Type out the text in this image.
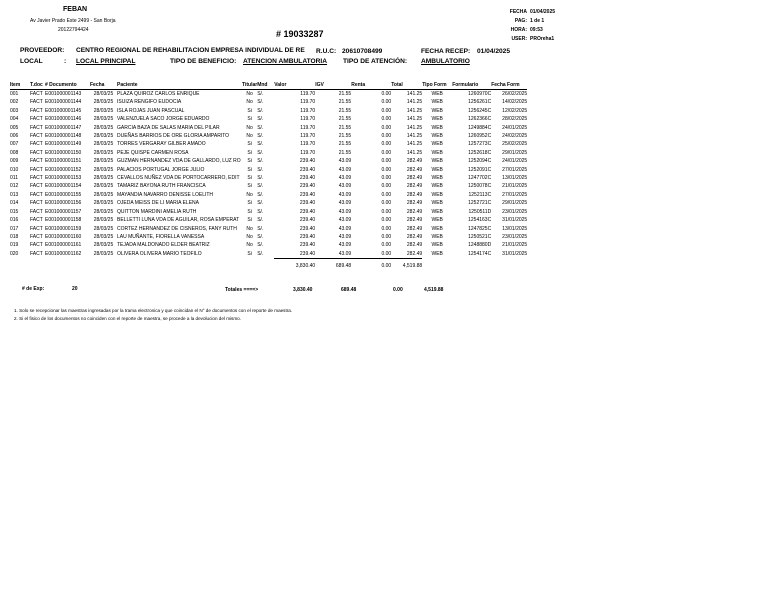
FEBAN
Av Javier Prado Este 2499 - San Borja
20122794424	# 19033287
FECHA 01/04/2025
PAG: 1 de 1
HORA: 09:53
USER: PROreha1
PROVEEDOR: CENTRO REGIONAL DE REHABILITACION EMPRESA INDIVIDUAL DE RE R.U.C: 20610708499	FECHA RECEP: 01/04/2025
LOCAL	: LOCAL PRINCIPAL	TIPO DE BENEFICIO: ATENCION AMBULATORIA TIPO DE ATENCIÓN: AMBULATORIO
Item	T.doc	# Documento	Fecha	Paciente	Titular	Mnd	Valor	IGV	Renta	Total	Tipo Form	Formulario	Fecha Form
001	FACT	E001000001143	28/03/25	PLAZA QUIROZ CARLOS ENRIQUE	No	S/.	119.70	21.55	0.00	141.25	WEB	1260970C	26/02/2025
002	FACT	E001000001144	28/03/25	ISUIZA RENGIFO EUDOCIA	No	S/.	119.70	21.55	0.00	141.25	WEB	1256261C	14/02/2025
003	FACT	E001000001145	28/03/25	ISLA ROJAS JUAN PASCUAL	Si	S/.	119.70	21.55	0.00	141.25	WEB	1256245C	12/02/2025
004	FACT	E001000001146	28/03/25	VALENZUELA SACO JORGE EDUARDO	Si	S/.	119.70	21.55	0.00	141.25	WEB	1262366C	28/02/2025
005	FACT	E001000001147	28/03/25	GARCIA BAZA DE SALAS MARIA DEL PILAR	No	S/.	119.70	21.55	0.00	141.25	WEB	1249884C	24/01/2025
006	FACT	E001000001148	28/03/25	DUEÑAS BARRIOS DE ORE GLORIA AMPARITO	No	S/.	119.70	21.55	0.00	141.25	WEB	1260952C	24/02/2025
007	FACT	E001000001149	28/03/25	TORRES VERGARAY GILBER AMADO	Si	S/.	119.70	21.55	0.00	141.25	WEB	1257273C	25/02/2025
008	FACT	E001000001150	28/03/25	PEJE QUISPE CARMEN ROSA	Si	S/.	119.70	21.55	0.00	141.25	WEB	1252618C	29/01/2025
009	FACT	E001000001151	28/03/25	GUZMAN HERNANDEZ VDA DE GALLARDO, LUZ RO	Si	S/.	239.40	43.09	0.00	282.49	WEB	1252094C	24/01/2025
010	FACT	E001000001152	28/03/25	PALACIOS PORTUGAL JORGE JULIO	Si	S/.	239.40	43.09	0.00	282.49	WEB	1252091C	27/01/2025
011	FACT	E001000001153	28/03/25	CEVALLOS NUÑEZ VDA DE PORTOCARRERO, EDIT	Si	S/.	239.40	43.09	0.00	282.49	WEB	1247702C	13/01/2025
012	FACT	E001000001154	28/03/25	TAMARIZ BAYONA RUTH FRANCISCA	Si	S/.	239.40	43.09	0.00	282.49	WEB	1250078C	21/01/2025
013	FACT	E001000001155	28/03/25	MAYANDIA NAVARRO DENISSE LOELITH	No	S/.	239.40	43.09	0.00	282.49	WEB	1252113C	27/01/2025
014	FACT	E001000001156	28/03/25	OJEDA MEISS DE LI MARIA ELENA	Si	S/.	239.40	43.09	0.00	282.49	WEB	1252721C	29/01/2025
015	FACT	E001000001157	28/03/25	QUITTON MARDINI AMELIA RUTH	Si	S/.	239.40	43.09	0.00	282.49	WEB	1250511D	23/01/2025
016	FACT	E001000001158	28/03/25	BELLETTI LUNA VDA DE AGUILAR, ROSA EMPERAT	Si	S/.	239.40	43.09	0.00	282.49	WEB	1254163C	31/01/2025
017	FACT	E001000001159	28/03/25	CORTEZ HERNANDEZ DE CISNEROS, FANY RUTH	No	S/.	239.40	43.09	0.00	282.49	WEB	1247825C	13/01/2025
018	FACT	E001000001160	28/03/25	LAU MUÑANTE, FIORELLA VANESSA	No	S/.	239.40	43.09	0.00	282.49	WEB	1250521C	23/01/2025
019	FACT	E001000001161	28/03/25	TEJADA MALDONADO ELDER BEATRIZ	No	S/.	239.40	43.09	0.00	282.49	WEB	1248880D	21/01/2025
020	FACT	E001000001162	28/03/25	OLIVERA OLIVERA MARIO TEOFILO	Si	S/.	239.40	43.09	0.00	282.49	WEB	1254174C	31/01/2025
							3,830.40	689.48	0.00	4,519.88			
# de Exp:	20	Totales ====>	3,830.40	689.48	0.00	4,519.88
1. Solo se recepcionar las maestras ingresadas por la trama electronica y que coincidan el N° de documentos con el reporte de maestra.
2. Si el fisico de los documentos no coinciden con el reporte de maestra, se procede a la devolucion del mismo.
